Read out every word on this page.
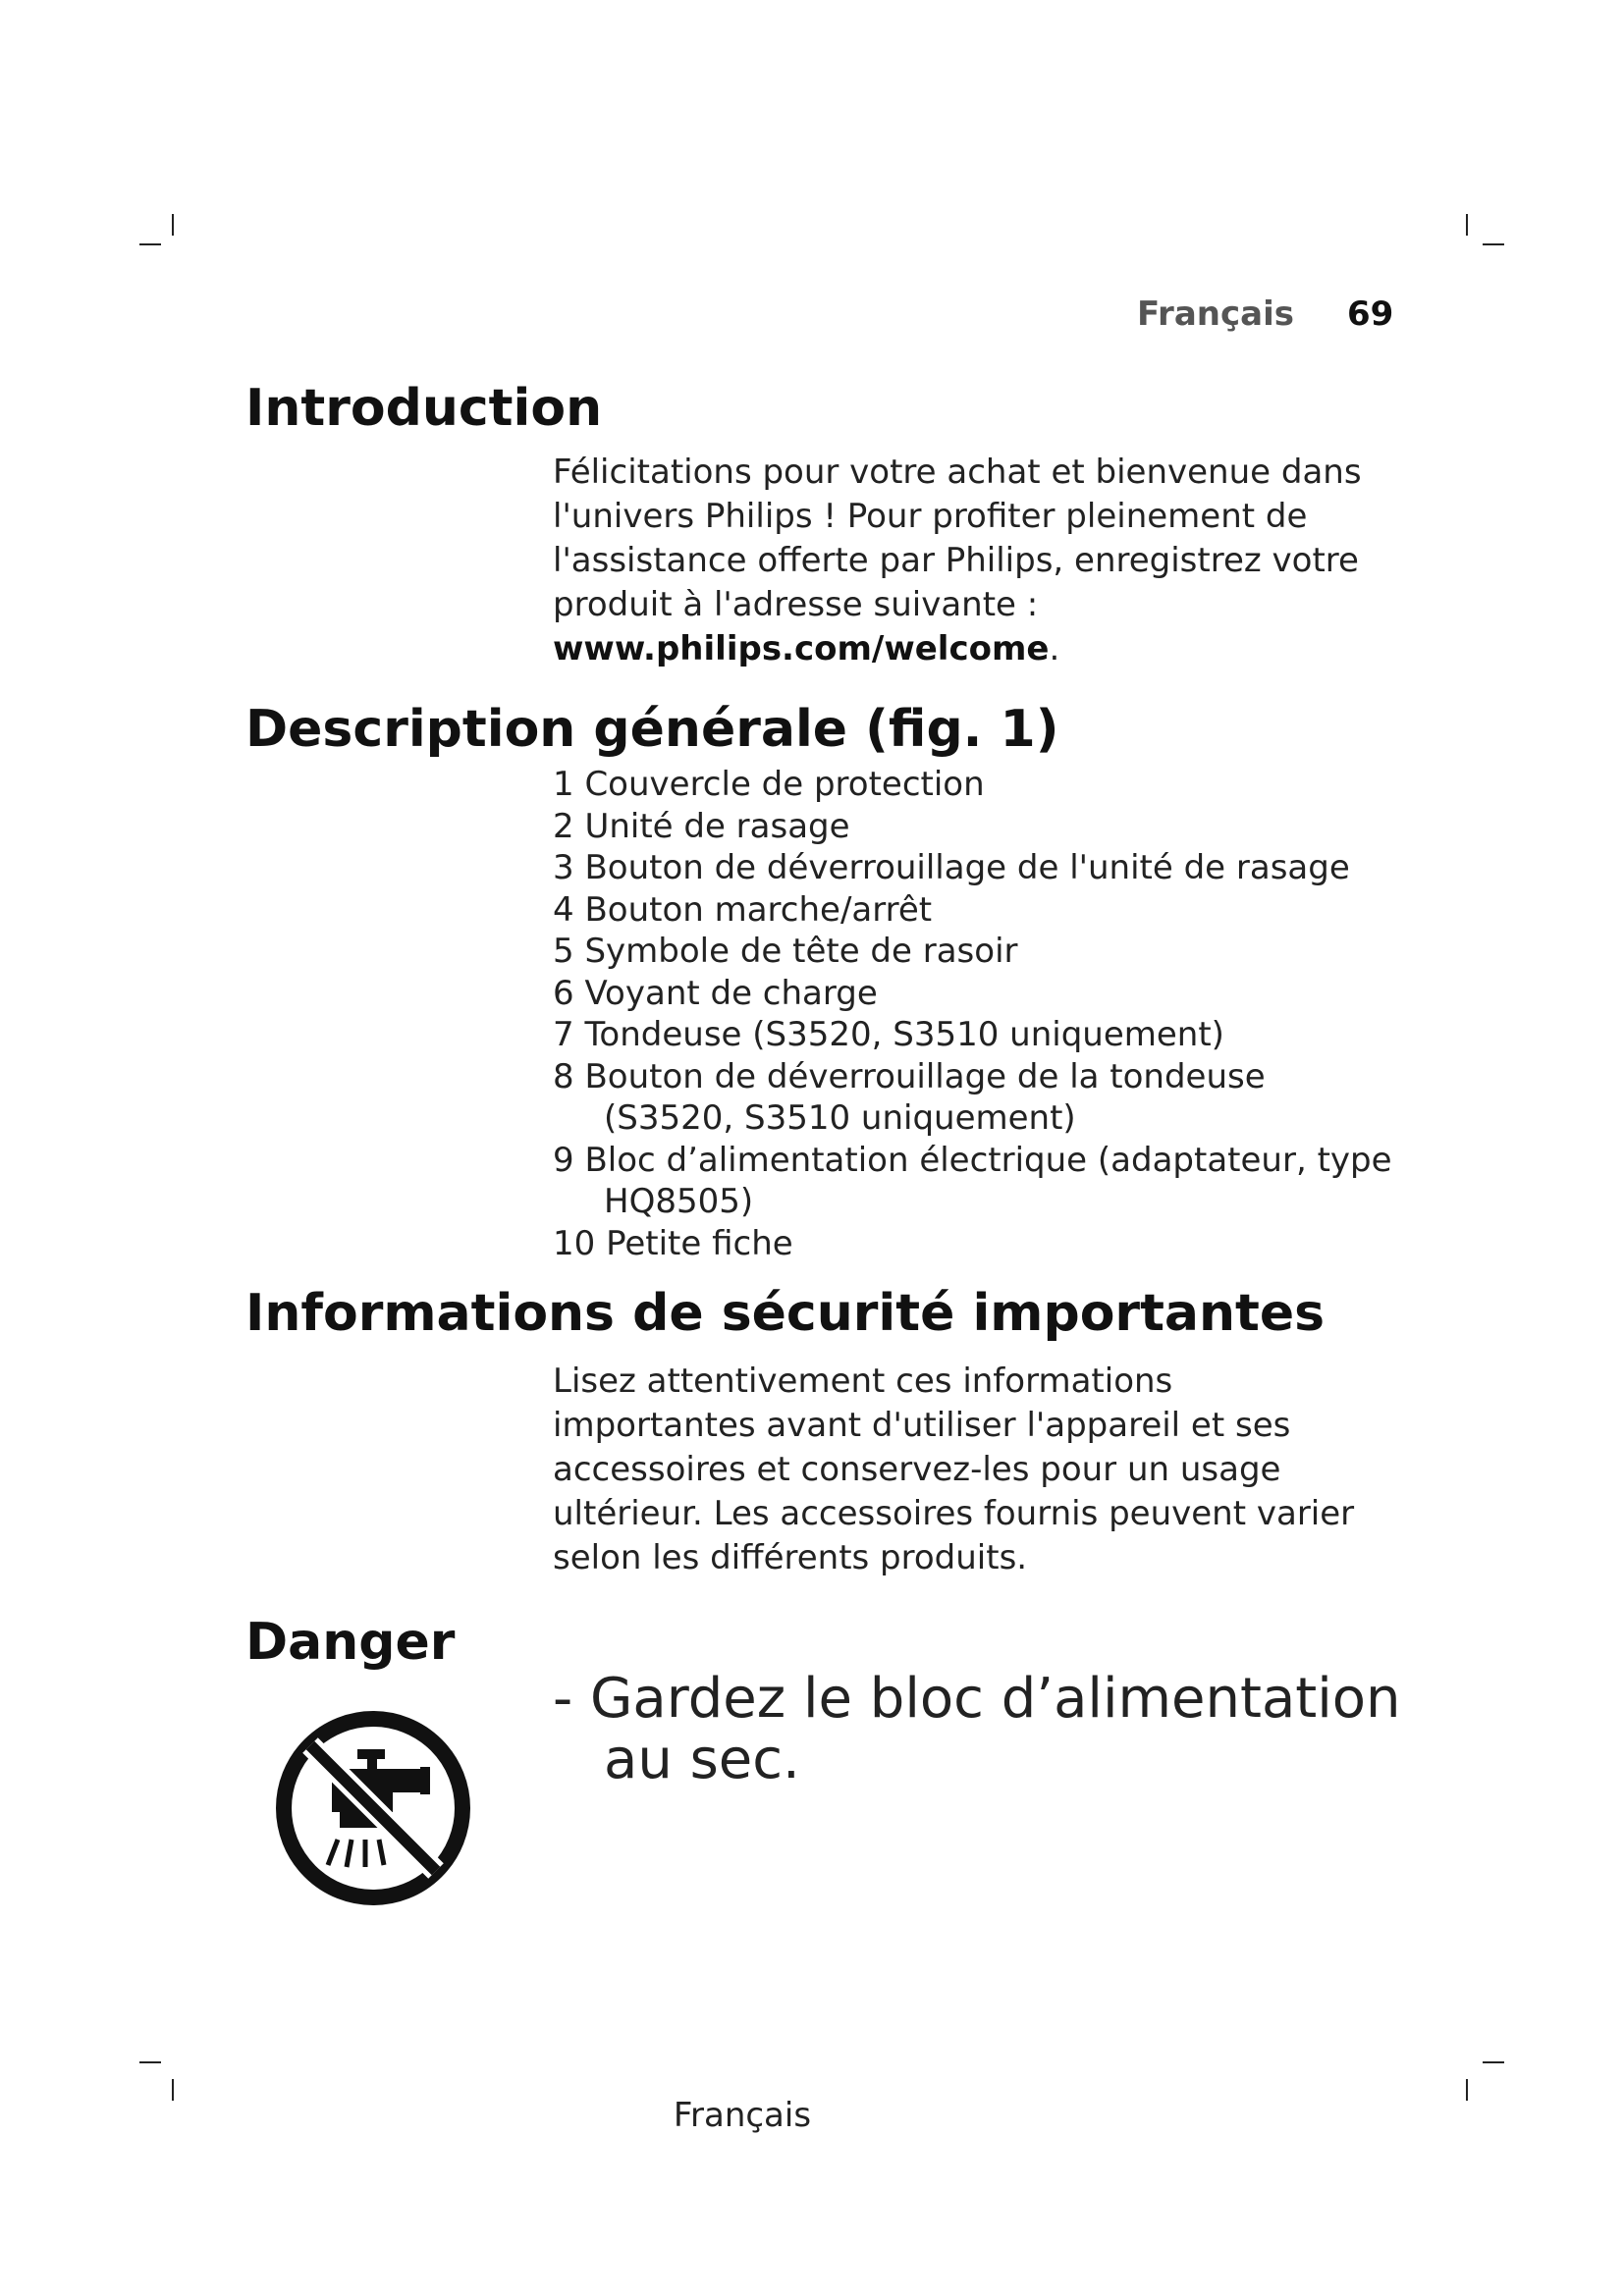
Français 69
Introduction
Félicitations pour votre achat et bienvenue dans l'univers Philips ! Pour profiter pleinement de l'assistance offerte par Philips, enregistrez votre produit à l'adresse suivante :
www.philips.com/welcome.
Description générale (fig. 1)
1 Couvercle de protection
2 Unité de rasage
3 Bouton de déverrouillage de l'unité de rasage
4 Bouton marche/arrêt
5 Symbole de tête de rasoir
6 Voyant de charge
7 Tondeuse (S3520, S3510 uniquement)
8 Bouton de déverrouillage de la tondeuse (S3520, S3510 uniquement)
9 Bloc d’alimentation électrique (adaptateur, type HQ8505)
10 Petite fiche
Informations de sécurité importantes
Lisez attentivement ces informations importantes avant d'utiliser l'appareil et ses accessoires et conservez-les pour un usage ultérieur. Les accessoires fournis peuvent varier selon les différents produits.
Danger
- Gardez le bloc d’alimentation au sec.
Français
